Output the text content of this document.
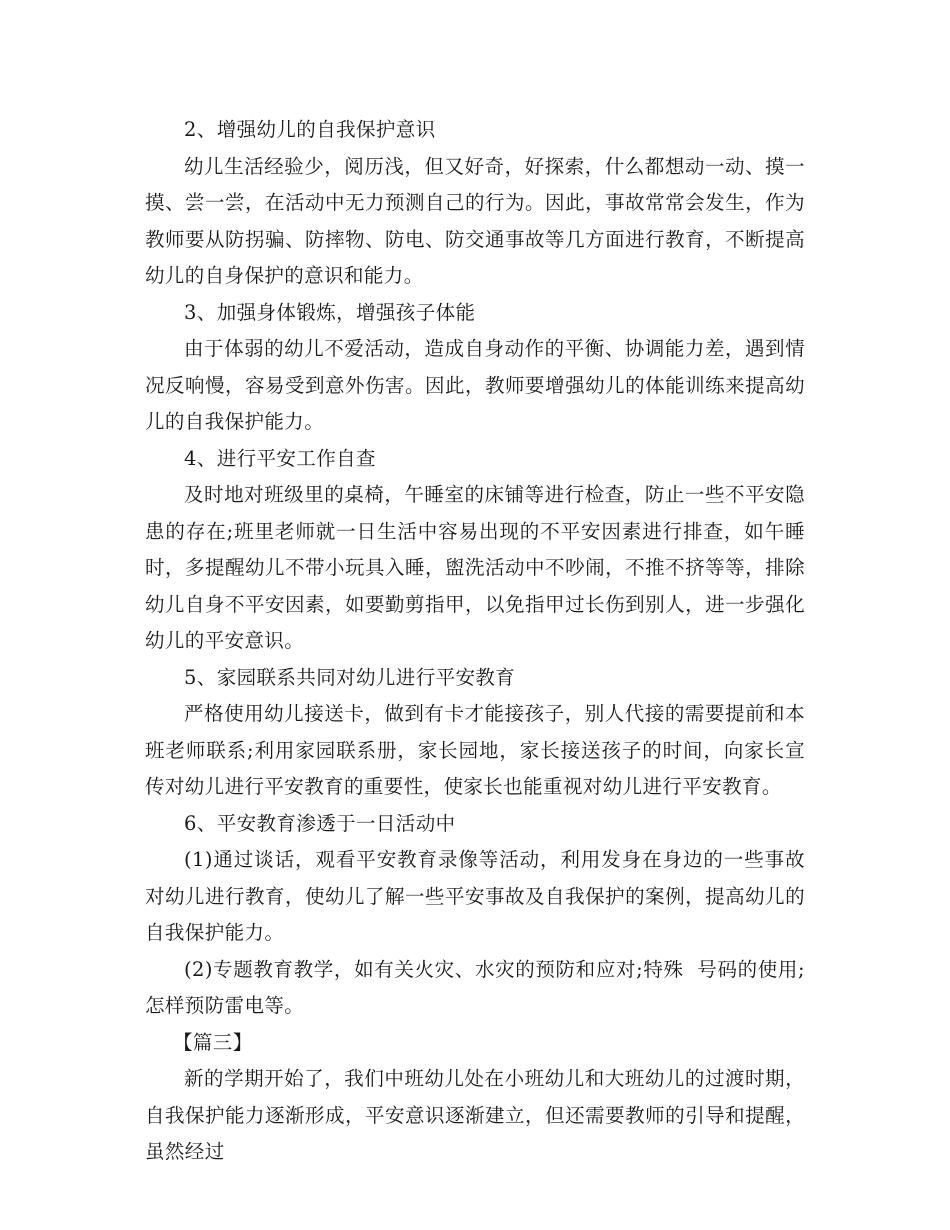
2、增强幼儿的自我保护意识

幼儿生活经验少，阅历浅，但又好奇，好探索，什么都想动一动、摸一摸、尝一尝，在活动中无力预测自己的行为。因此，事故常常会发生，作为教师要从防拐骗、防摔物、防电、防交通事故等几方面进行教育，不断提高幼儿的自身保护的意识和能力。

3、加强身体锻炼，增强孩子体能

由于体弱的幼儿不爱活动，造成自身动作的平衡、协调能力差，遇到情况反响慢，容易受到意外伤害。因此，教师要增强幼儿的体能训练来提高幼儿的自我保护能力。

4、进行平安工作自查

及时地对班级里的桌椅，午睡室的床铺等进行检查，防止一些不平安隐患的存在;班里老师就一日生活中容易出现的不平安因素进行排查，如午睡时，多提醒幼儿不带小玩具入睡，盥洗活动中不吵闹，不推不挤等等，排除幼儿自身不平安因素，如要勤剪指甲，以免指甲过长伤到别人，进一步强化幼儿的平安意识。

5、家园联系共同对幼儿进行平安教育

严格使用幼儿接送卡，做到有卡才能接孩子，别人代接的需要提前和本班老师联系;利用家园联系册，家长园地，家长接送孩子的时间，向家长宣传对幼儿进行平安教育的重要性，使家长也能重视对幼儿进行平安教育。

6、平安教育渗透于一日活动中

(1)通过谈话，观看平安教育录像等活动，利用发身在身边的一些事故对幼儿进行教育，使幼儿了解一些平安事故及自我保护的案例，提高幼儿的自我保护能力。

(2)专题教育教学，如有关火灾、水灾的预防和应对;特殊  号码的使用;怎样预防雷电等。

【篇三】

新的学期开始了，我们中班幼儿处在小班幼儿和大班幼儿的过渡时期，自我保护能力逐渐形成，平安意识逐渐建立，但还需要教师的引导和提醒，虽然经过
